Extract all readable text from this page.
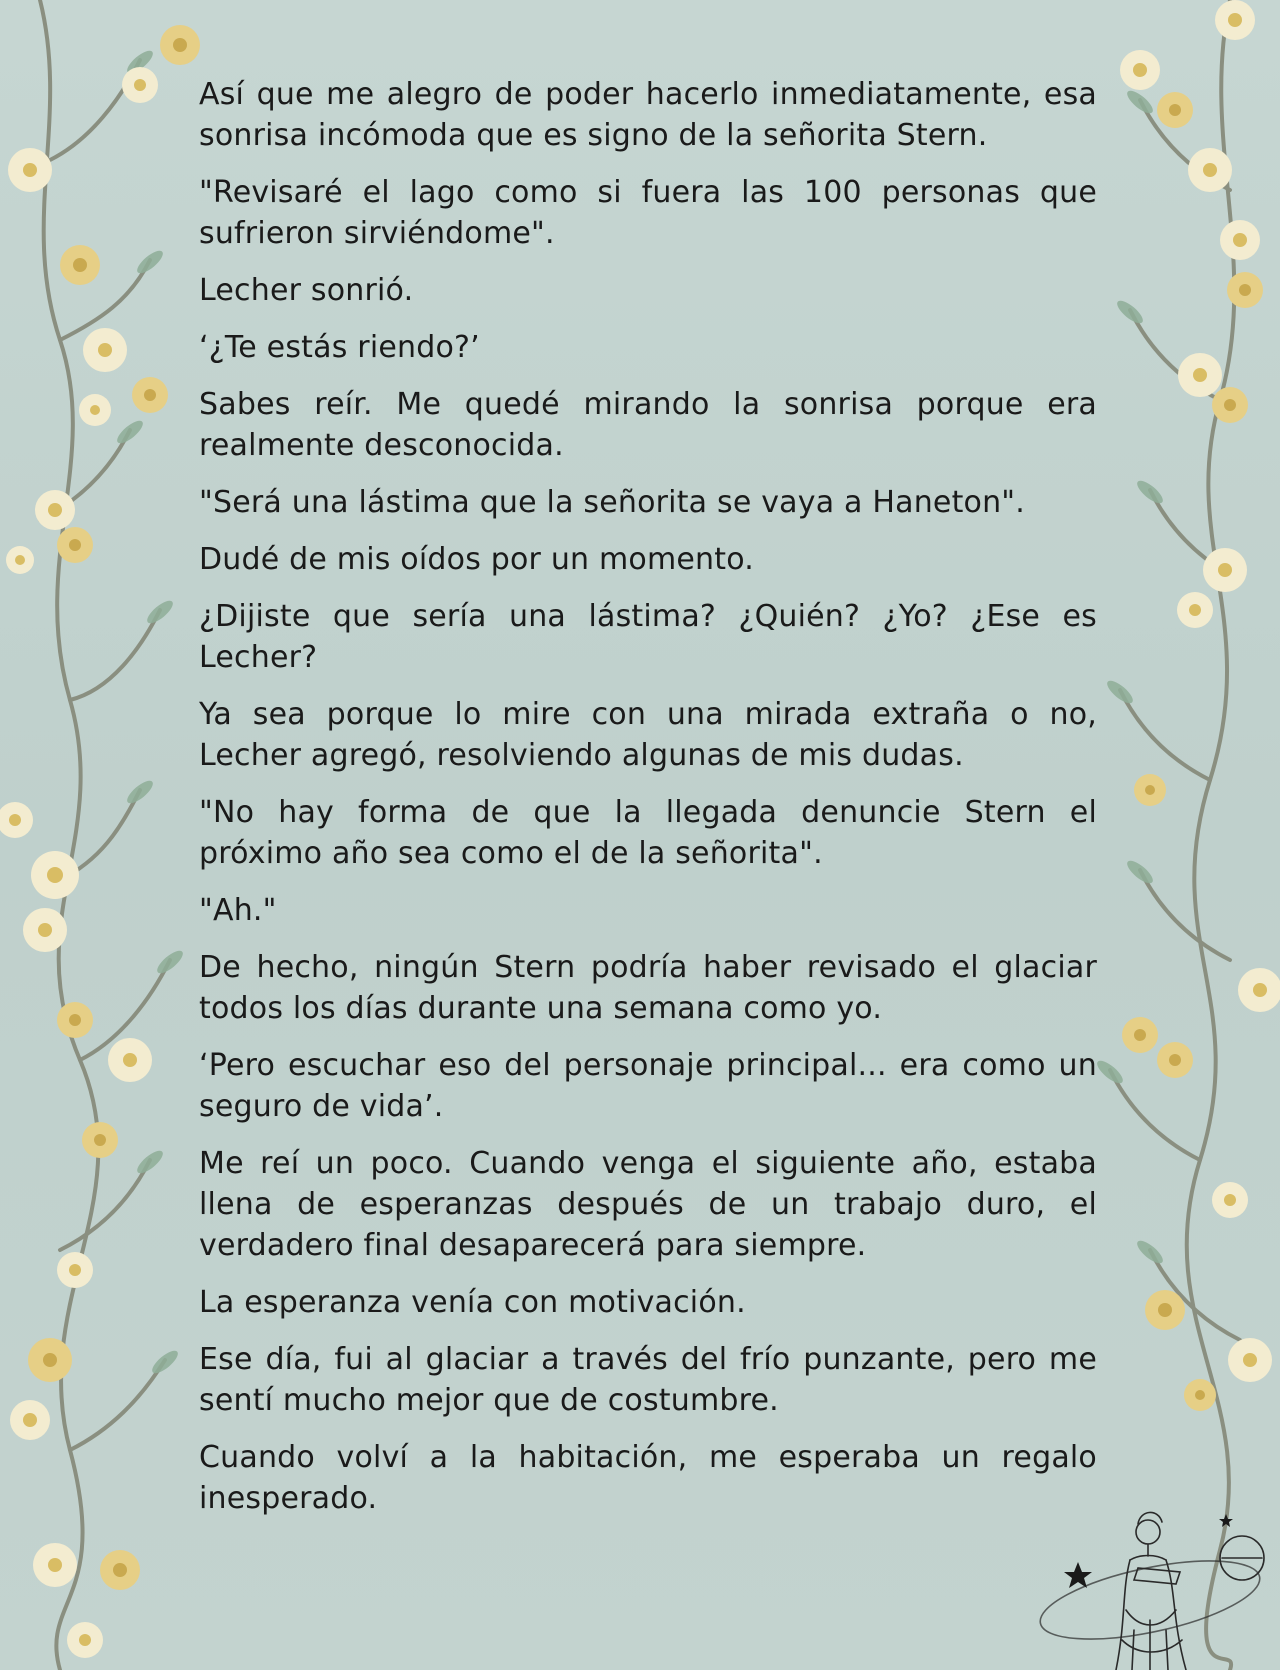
Así que me alegro de poder hacerlo inmediatamente, esa sonrisa incómoda que es signo de la señorita Stern.

"Revisaré el lago como si fuera las 100 personas que sufrieron sirviéndome".

Lecher sonrió.

‘¿Te estás riendo?’

Sabes reír. Me quedé mirando la sonrisa porque era realmente desconocida.

"Será una lástima que la señorita se vaya a Haneton".

Dudé de mis oídos por un momento.

¿Dijiste que sería una lástima? ¿Quién? ¿Yo? ¿Ese es Lecher?

Ya sea porque lo mire con una mirada extraña o no, Lecher agregó, resolviendo algunas de mis dudas.

"No hay forma de que la llegada denuncie Stern el próximo año sea como el de la señorita".

"Ah."

De hecho, ningún Stern podría haber revisado el glaciar todos los días durante una semana como yo.

‘Pero escuchar eso del personaje principal... era como un seguro de vida’.

Me reí un poco. Cuando venga el siguiente año, estaba llena de esperanzas después de un trabajo duro, el verdadero final desaparecerá para siempre.

La esperanza venía con motivación.

Ese día, fui al glaciar a través del frío punzante, pero me sentí mucho mejor que de costumbre.

Cuando volví a la habitación, me esperaba un regalo inesperado.
